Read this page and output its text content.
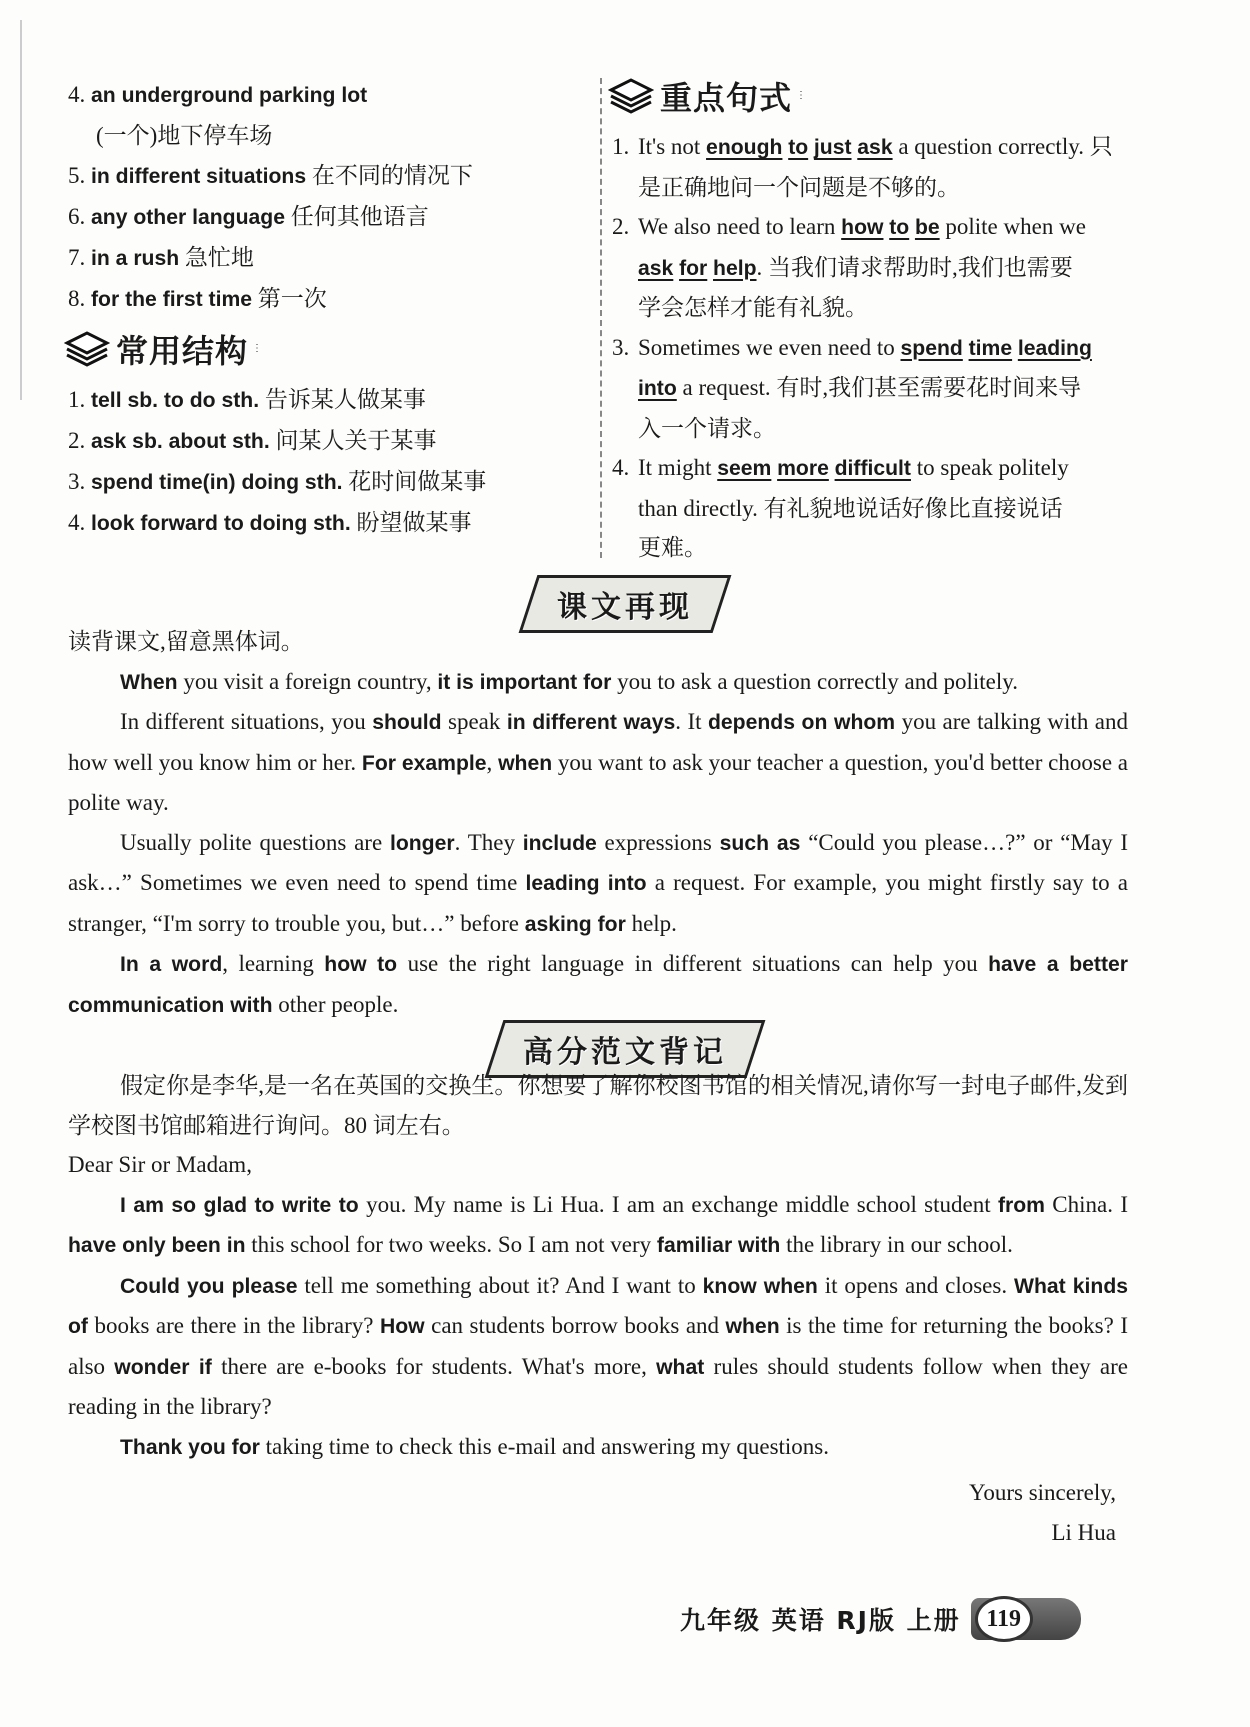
4. an underground parking lot
(一个)地下停车场
5. in different situations 在不同的情况下
6. any other language 任何其他语言
7. in a rush 急忙地
8. for the first time 第一次
常用结构 ⋮
1. tell sb. to do sth. 告诉某人做某事
2. ask sb. about sth. 问某人关于某事
3. spend time(in) doing sth. 花时间做某事
4. look forward to doing sth. 盼望做某事
重点句式 ⋮
1. It's not enough to just ask a question correctly. 只
是正确地问一个问题是不够的。
2. We also need to learn how to be polite when we
ask for help. 当我们请求帮助时,我们也需要
学会怎样才能有礼貌。
3. Sometimes we even need to spend time leading
into a request. 有时,我们甚至需要花时间来导
入一个请求。
4. It might seem more difficult to speak politely
than directly. 有礼貌地说话好像比直接说话
更难。
课文再现

读背课文,留意黑体词。

When you visit a foreign country, it is important for you to ask a question correctly and politely.

In different situations, you should speak in different ways. It depends on whom you are talking with and how well you know him or her. For example, when you want to ask your teacher a question, you'd better choose a polite way.

Usually polite questions are longer. They include expressions such as “Could you please…?” or “May I ask…” Sometimes we even need to spend time leading into a request. For example, you might firstly say to a stranger, “I'm sorry to trouble you, but…” before asking for help.

In a word, learning how to use the right language in different situations can help you have a better communication with other people.

高分范文背记

假定你是李华,是一名在英国的交换生。你想要了解你校图书馆的相关情况,请你写一封电子邮件,发到学校图书馆邮箱进行询问。80 词左右。

Dear Sir or Madam,

I am so glad to write to you. My name is Li Hua. I am an exchange middle school student from China. I have only been in this school for two weeks. So I am not very familiar with the library in our school.

Could you please tell me something about it? And I want to know when it opens and closes. What kinds of books are there in the library? How can students borrow books and when is the time for returning the books? I also wonder if there are e-books for students. What's more, what rules should students follow when they are reading in the library?

Thank you for taking time to check this e-mail and answering my questions.

Yours sincerely,

Li Hua

九年级 英语 RJ版 上册	119
